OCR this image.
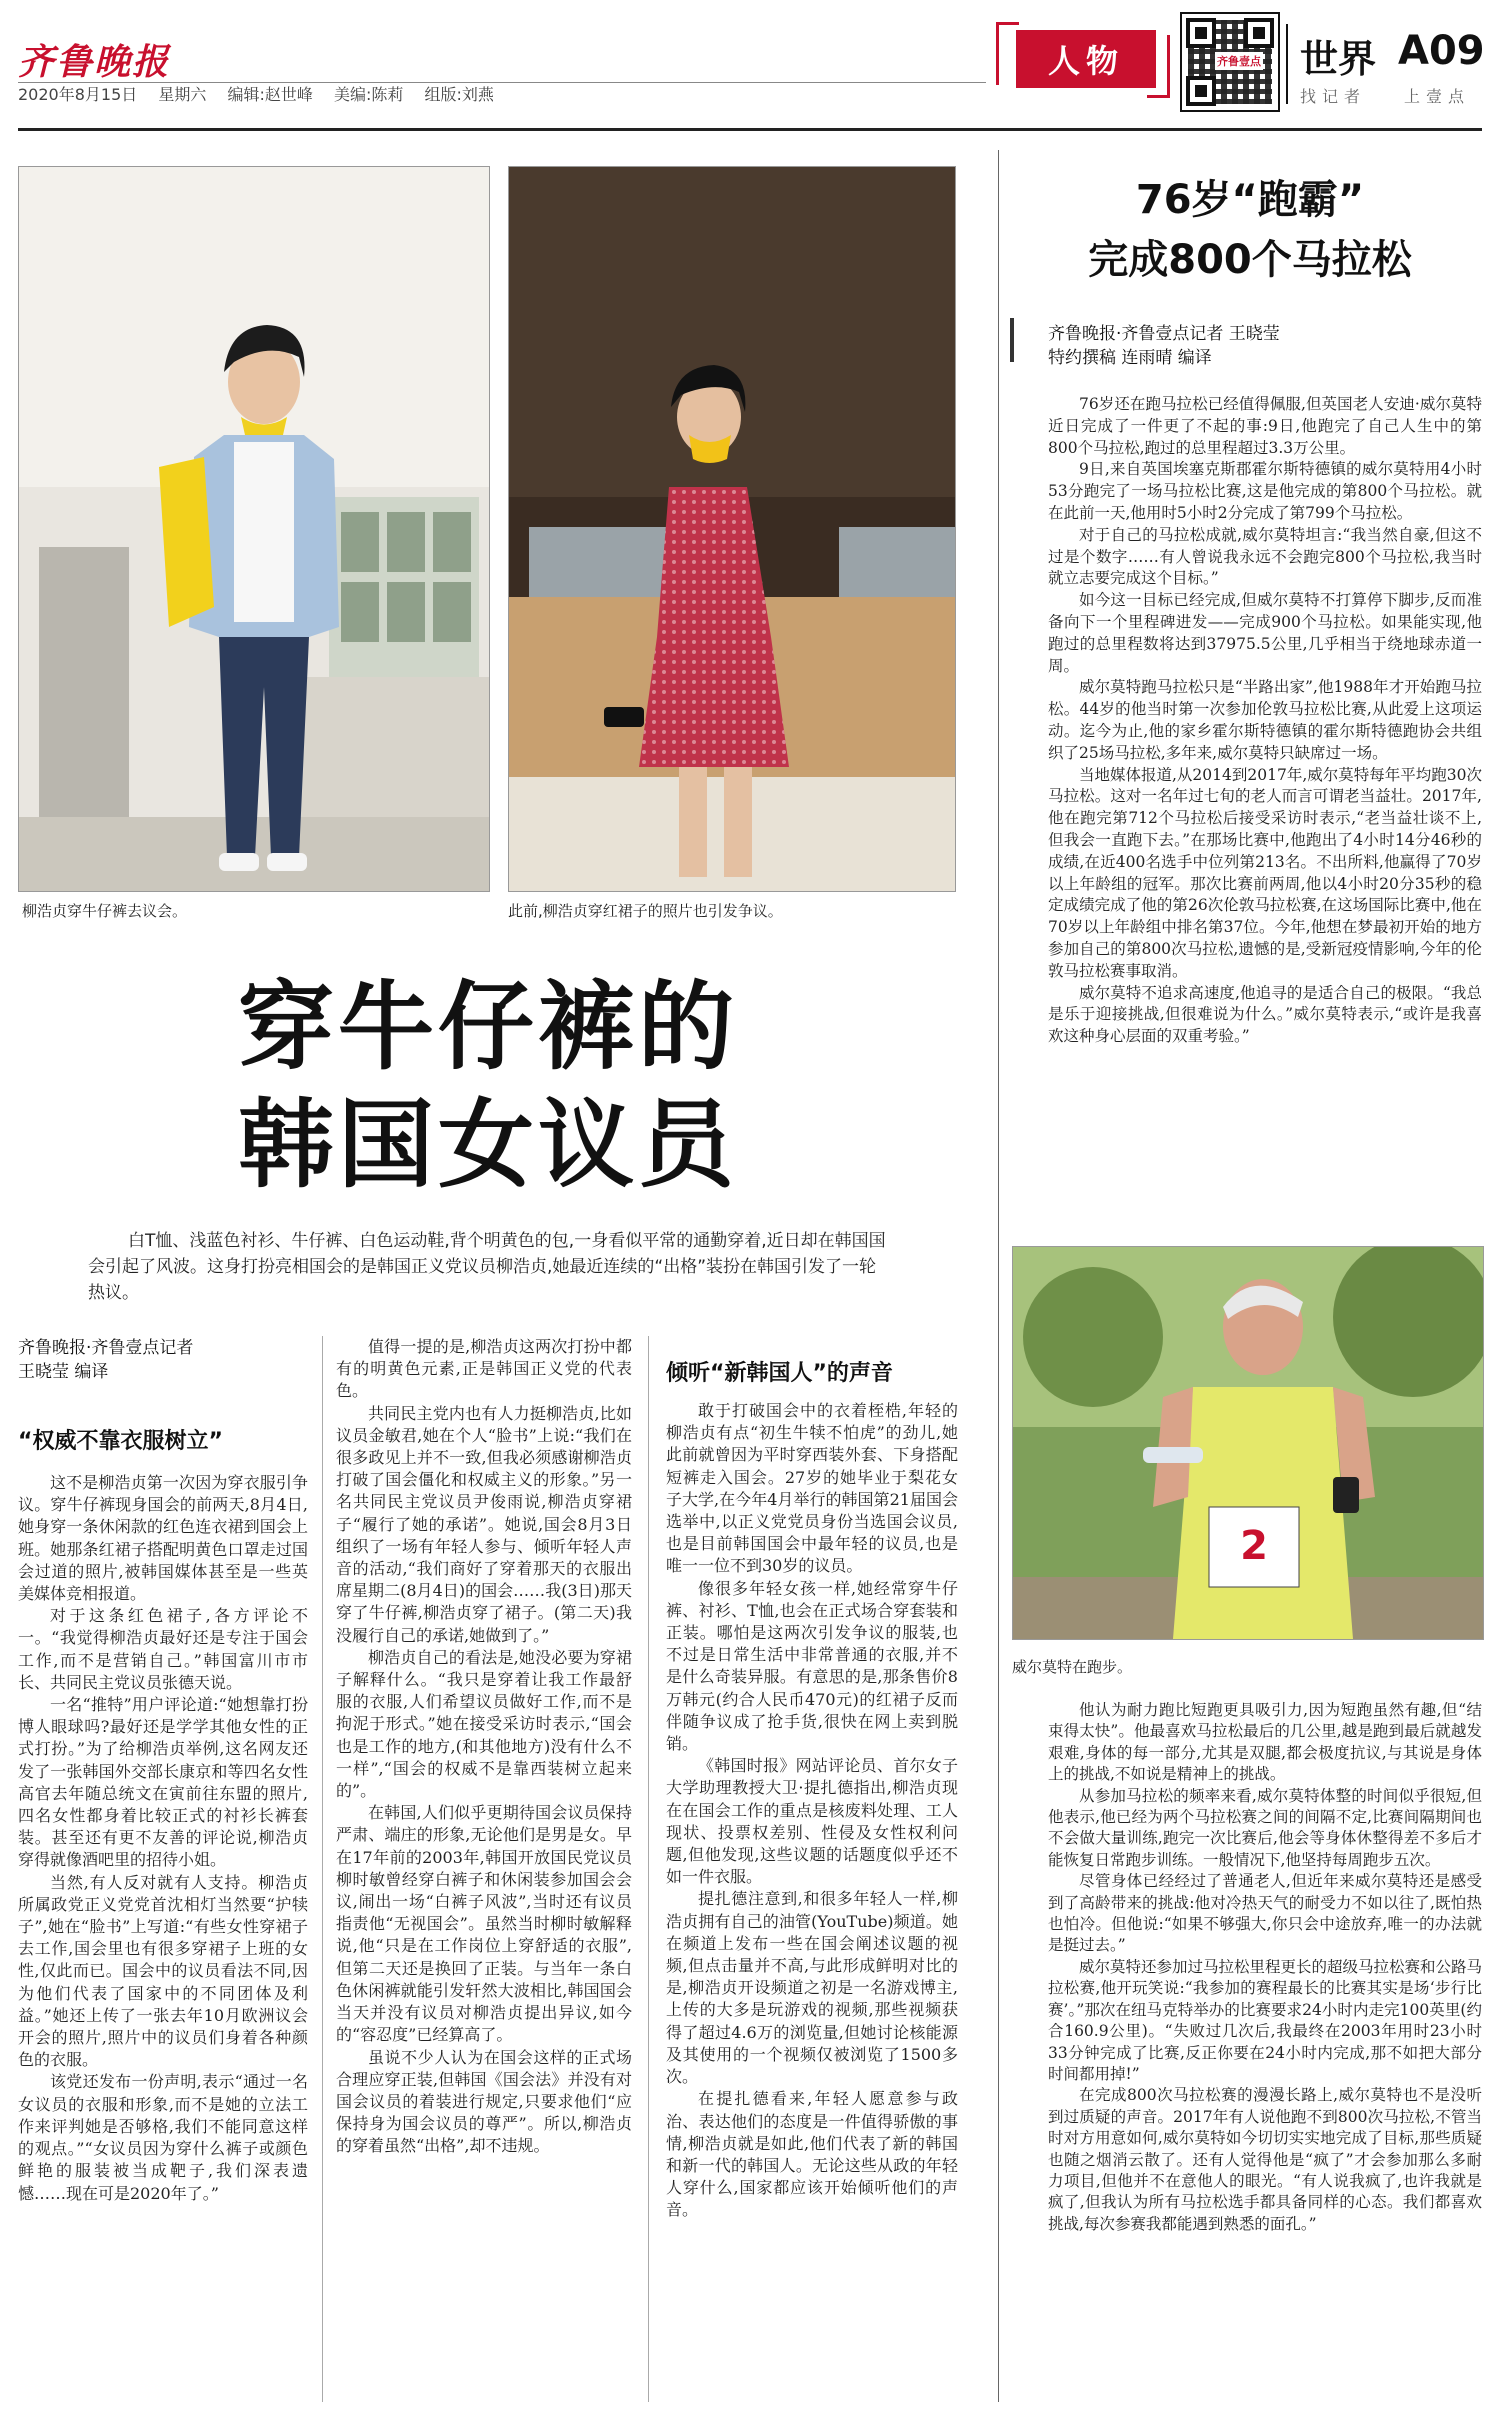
齐鲁晚报
2020年8月15日 星期六 编辑:赵世峰 美编:陈莉 组版:刘燕
人物	齐鲁壹点 世界 A09
找记者 上壹点
柳浩贞穿牛仔裤去议会。	此前,柳浩贞穿红裙子的照片也引发争议。
穿牛仔裤的
韩国女议员
白T恤、浅蓝色衬衫、牛仔裤、白色运动鞋,背个明黄色的包,一身看似平常的通勤穿着,近日却在韩国国会引起了风波。这身打扮亮相国会的是韩国正义党议员柳浩贞,她最近连续的“出格”装扮在韩国引发了一轮热议。
齐鲁晚报·齐鲁壹点记者
王晓莹 编译
“权威不靠衣服树立”

这不是柳浩贞第一次因为穿衣服引争议。穿牛仔裤现身国会的前两天,8月4日,她身穿一条休闲款的红色连衣裙到国会上班。她那条红裙子搭配明黄色口罩走过国会过道的照片,被韩国媒体甚至是一些英美媒体竞相报道。

对于这条红色裙子,各方评论不一。“我觉得柳浩贞最好还是专注于国会工作,而不是营销自己。”韩国富川市市长、共同民主党议员张德天说。

一名“推特”用户评论道:“她想靠打扮博人眼球吗?最好还是学学其他女性的正式打扮。”为了给柳浩贞举例,这名网友还发了一张韩国外交部长康京和等四名女性高官去年随总统文在寅前往东盟的照片,四名女性都身着比较正式的衬衫长裤套装。甚至还有更不友善的评论说,柳浩贞穿得就像酒吧里的招待小姐。

当然,有人反对就有人支持。柳浩贞所属政党正义党党首沈相灯当然要“护犊子”,她在“脸书”上写道:“有些女性穿裙子去工作,国会里也有很多穿裙子上班的女性,仅此而已。国会中的议员看法不同,因为他们代表了国家中的不同团体及利益。”她还上传了一张去年10月欧洲议会开会的照片,照片中的议员们身着各种颜色的衣服。

该党还发布一份声明,表示“通过一名女议员的衣服和形象,而不是她的立法工作来评判她是否够格,我们不能同意这样的观点。”“女议员因为穿什么裤子或颜色鲜艳的服装被当成靶子,我们深表遗憾……现在可是2020年了。”

值得一提的是,柳浩贞这两次打扮中都有的明黄色元素,正是韩国正义党的代表色。

共同民主党内也有人力挺柳浩贞,比如议员金敏君,她在个人“脸书”上说:“我们在很多政见上并不一致,但我必须感谢柳浩贞打破了国会僵化和权威主义的形象。”另一名共同民主党议员尹俊雨说,柳浩贞穿裙子“履行了她的承诺”。她说,国会8月3日组织了一场有年轻人参与、倾听年轻人声音的活动,“我们商好了穿着那天的衣服出席星期二(8月4日)的国会……我(3日)那天穿了牛仔裤,柳浩贞穿了裙子。(第二天)我没履行自己的承诺,她做到了。”

柳浩贞自己的看法是,她没必要为穿裙子解释什么。“我只是穿着让我工作最舒服的衣服,人们希望议员做好工作,而不是拘泥于形式。”她在接受采访时表示,“国会也是工作的地方,(和其他地方)没有什么不一样”,“国会的权威不是靠西装树立起来的”。

在韩国,人们似乎更期待国会议员保持严肃、端庄的形象,无论他们是男是女。早在17年前的2003年,韩国开放国民党议员柳时敏曾经穿白裤子和休闲装参加国会会议,闹出一场“白裤子风波”,当时还有议员指责他“无视国会”。虽然当时柳时敏解释说,他“只是在工作岗位上穿舒适的衣服”,但第二天还是换回了正装。与当年一条白色休闲裤就能引发轩然大波相比,韩国国会当天并没有议员对柳浩贞提出异议,如今的“容忍度”已经算高了。

虽说不少人认为在国会这样的正式场合理应穿正装,但韩国《国会法》并没有对国会议员的着装进行规定,只要求他们“应保持身为国会议员的尊严”。所以,柳浩贞的穿着虽然“出格”,却不违规。

倾听“新韩国人”的声音

敢于打破国会中的衣着桎梏,年轻的柳浩贞有点“初生牛犊不怕虎”的劲儿,她此前就曾因为平时穿西装外套、下身搭配短裤走入国会。27岁的她毕业于梨花女子大学,在今年4月举行的韩国第21届国会选举中,以正义党党员身份当选国会议员,也是目前韩国国会中最年轻的议员,也是唯一一位不到30岁的议员。

像很多年轻女孩一样,她经常穿牛仔裤、衬衫、T恤,也会在正式场合穿套装和正装。哪怕是这两次引发争议的服装,也不过是日常生活中非常普通的衣服,并不是什么奇装异服。有意思的是,那条售价8万韩元(约合人民币470元)的红裙子反而伴随争议成了抢手货,很快在网上卖到脱销。

《韩国时报》网站评论员、首尔女子大学助理教授大卫·提扎德指出,柳浩贞现在在国会工作的重点是核废料处理、工人现状、投票权差别、性侵及女性权利问题,但他发现,这些议题的话题度似乎还不如一件衣服。

提扎德注意到,和很多年轻人一样,柳浩贞拥有自己的油管(YouTube)频道。她在频道上发布一些在国会阐述议题的视频,但点击量并不高,与此形成鲜明对比的是,柳浩贞开设频道之初是一名游戏博主,上传的大多是玩游戏的视频,那些视频获得了超过4.6万的浏览量,但她讨论核能源及其使用的一个视频仅被浏览了1500多次。

在提扎德看来,年轻人愿意参与政治、表达他们的态度是一件值得骄傲的事情,柳浩贞就是如此,他们代表了新的韩国和新一代的韩国人。无论这些从政的年轻人穿什么,国家都应该开始倾听他们的声音。

76岁“跑霸”
完成800个马拉松
齐鲁晚报·齐鲁壹点记者 王晓莹
特约撰稿 连雨晴 编译

76岁还在跑马拉松已经值得佩服,但英国老人安迪·威尔莫特近日完成了一件更了不起的事:9日,他跑完了自己人生中的第800个马拉松,跑过的总里程超过3.3万公里。

9日,来自英国埃塞克斯郡霍尔斯特德镇的威尔莫特用4小时53分跑完了一场马拉松比赛,这是他完成的第800个马拉松。就在此前一天,他用时5小时2分完成了第799个马拉松。

对于自己的马拉松成就,威尔莫特坦言:“我当然自豪,但这不过是个数字……有人曾说我永远不会跑完800个马拉松,我当时就立志要完成这个目标。”

如今这一目标已经完成,但威尔莫特不打算停下脚步,反而准备向下一个里程碑进发——完成900个马拉松。如果能实现,他跑过的总里程数将达到37975.5公里,几乎相当于绕地球赤道一周。

威尔莫特跑马拉松只是“半路出家”,他1988年才开始跑马拉松。44岁的他当时第一次参加伦敦马拉松比赛,从此爱上这项运动。迄今为止,他的家乡霍尔斯特德镇的霍尔斯特德跑协会共组织了25场马拉松,多年来,威尔莫特只缺席过一场。

当地媒体报道,从2014到2017年,威尔莫特每年平均跑30次马拉松。这对一名年过七旬的老人而言可谓老当益壮。2017年,他在跑完第712个马拉松后接受采访时表示,“老当益壮谈不上,但我会一直跑下去。”在那场比赛中,他跑出了4小时14分46秒的成绩,在近400名选手中位列第213名。不出所料,他赢得了70岁以上年龄组的冠军。那次比赛前两周,他以4小时20分35秒的稳定成绩完成了他的第26次伦敦马拉松赛,在这场国际比赛中,他在70岁以上年龄组中排名第37位。今年,他想在梦最初开始的地方参加自己的第800次马拉松,遗憾的是,受新冠疫情影响,今年的伦敦马拉松赛事取消。

威尔莫特不追求高速度,他追寻的是适合自己的极限。“我总是乐于迎接挑战,但很难说为什么。”威尔莫特表示,“或许是我喜欢这种身心层面的双重考验。”

2
威尔莫特在跑步。

他认为耐力跑比短跑更具吸引力,因为短跑虽然有趣,但“结束得太快”。他最喜欢马拉松最后的几公里,越是跑到最后就越发艰难,身体的每一部分,尤其是双腿,都会极度抗议,与其说是身体上的挑战,不如说是精神上的挑战。

从参加马拉松的频率来看,威尔莫特体整的时间似乎很短,但他表示,他已经为两个马拉松赛之间的间隔不定,比赛间隔期间也不会做大量训练,跑完一次比赛后,他会等身体休整得差不多后才能恢复日常跑步训练。一般情况下,他坚持每周跑步五次。

尽管身体已经经过了普通老人,但近年来威尔莫特还是感受到了高龄带来的挑战:他对冷热天气的耐受力不如以往了,既怕热也怕冷。但他说:“如果不够强大,你只会中途放弃,唯一的办法就是挺过去。”

威尔莫特还参加过马拉松里程更长的超级马拉松赛和公路马拉松赛,他开玩笑说:“我参加的赛程最长的比赛其实是场‘步行比赛’。”那次在纽马克特举办的比赛要求24小时内走完100英里(约合160.9公里)。“失败过几次后,我最终在2003年用时23小时33分钟完成了比赛,反正你要在24小时内完成,那不如把大部分时间都用掉!”

在完成800次马拉松赛的漫漫长路上,威尔莫特也不是没听到过质疑的声音。2017年有人说他跑不到800次马拉松,不管当时对方用意如何,威尔莫特如今切切实实地完成了目标,那些质疑也随之烟消云散了。还有人觉得他是“疯了”才会参加那么多耐力项目,但他并不在意他人的眼光。“有人说我疯了,也许我就是疯了,但我认为所有马拉松选手都具备同样的心态。我们都喜欢挑战,每次参赛我都能遇到熟悉的面孔。”
